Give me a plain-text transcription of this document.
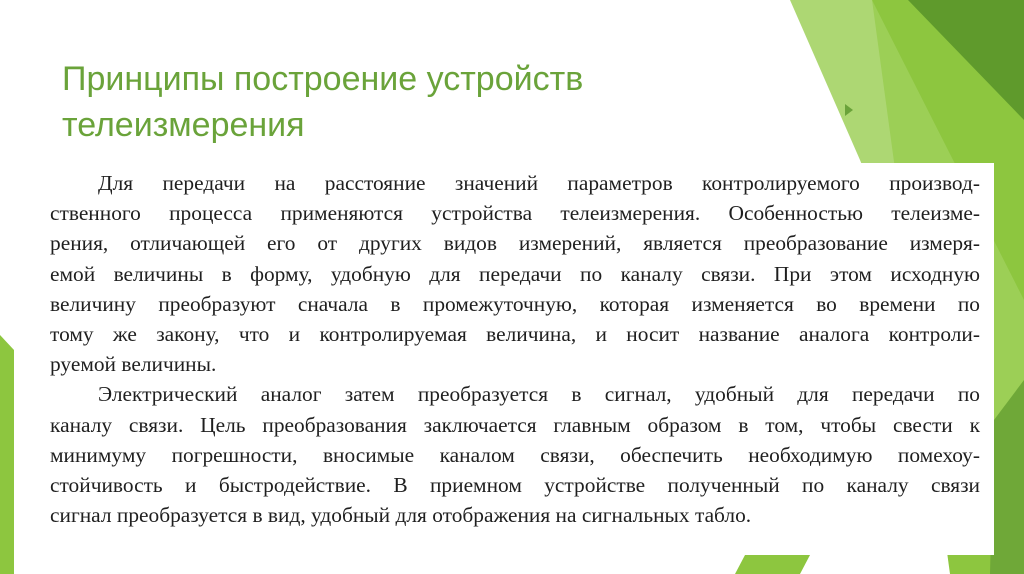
Принципы построение устройств
телеизмерения

Для передачи на расстояние значений параметров контролируемого производ-
ственного процесса применяются устройства телеизмерения. Особенностью телеизме-
рения, отличающей его от других видов измерений, является преобразование измеря-
емой величины в форму, удобную для передачи по каналу связи. При этом исходную
величину преобразуют сначала в промежуточную, которая изменяется во времени по
тому же закону, что и контролируемая величина, и носит название аналога контроли-
руемой величины.

Электрический аналог затем преобразуется в сигнал, удобный для передачи по
каналу связи. Цель преобразования заключается главным образом в том, чтобы свести к
минимуму погрешности, вносимые каналом связи, обеспечить необходимую помехоу-
стойчивость и быстродействие. В приемном устройстве полученный по каналу связи
сигнал преобразуется в вид, удобный для отображения на сигнальных табло.
